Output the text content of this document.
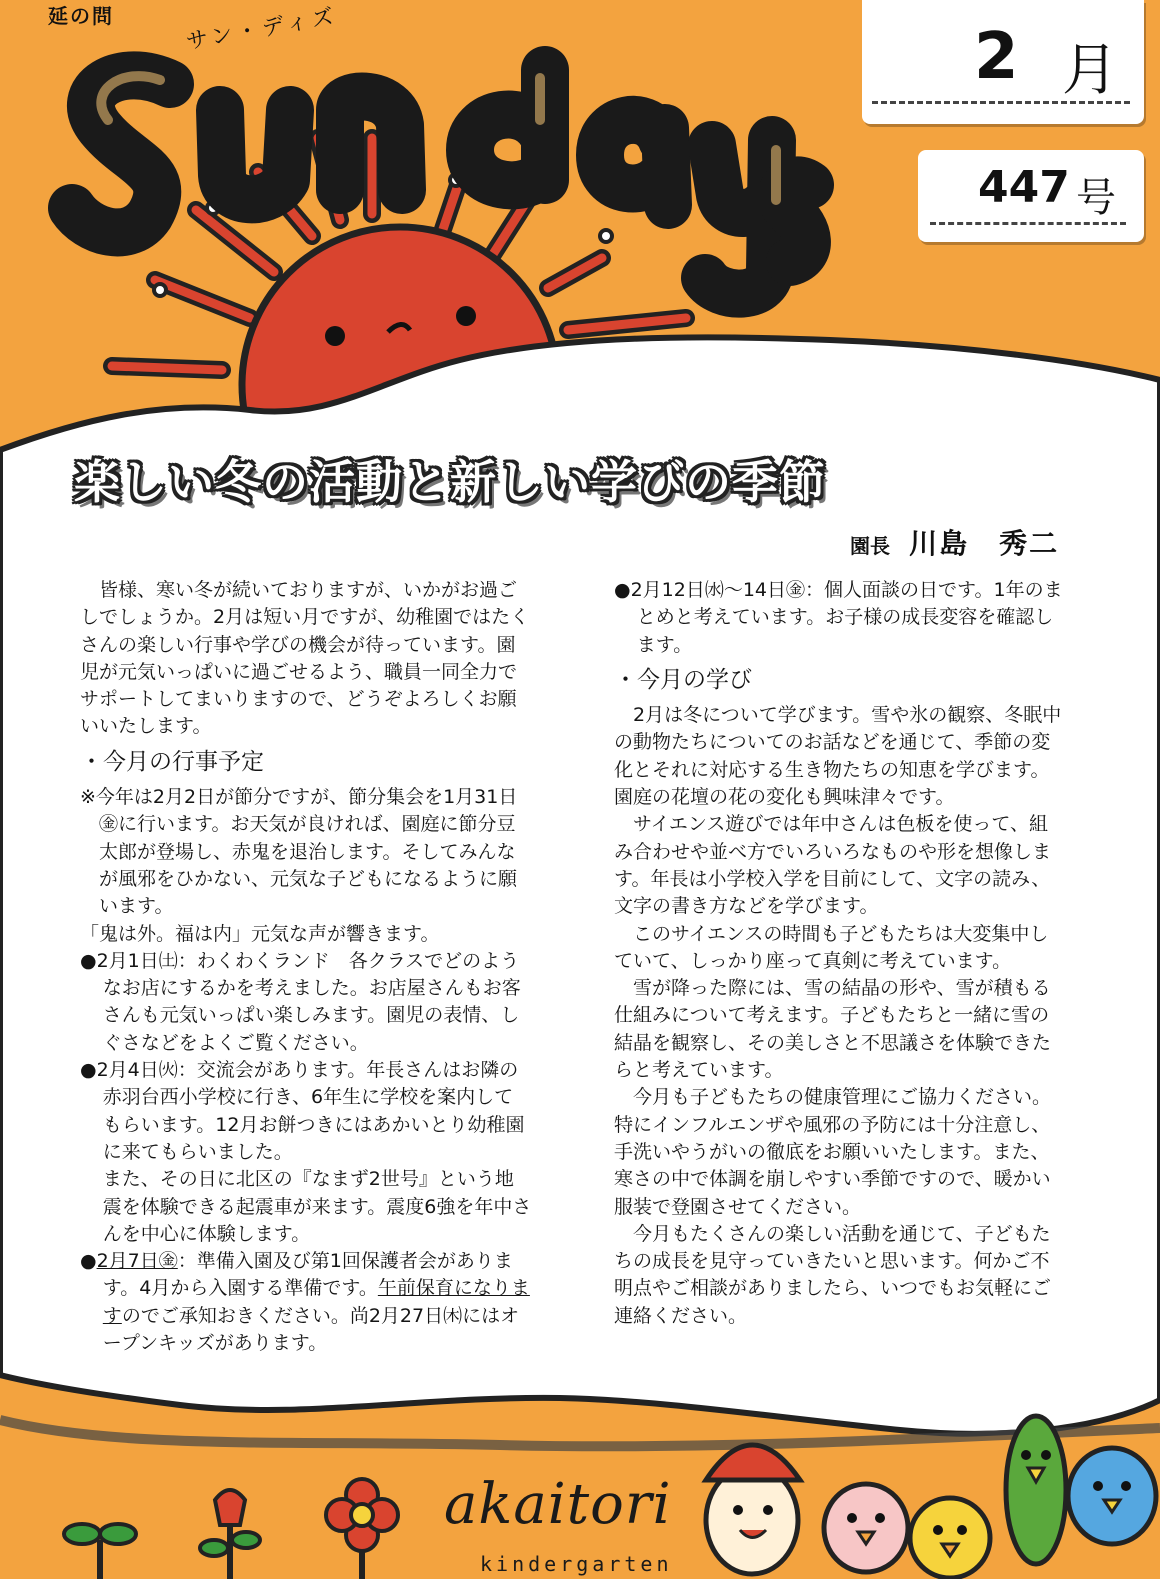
延の問	サン・ディズ	2 月
447 号
楽しい冬の活動と新しい学びの季節
園長 川島　秀二

皆様、寒い冬が続いておりますが、いかがお過ごしでしょうか。2月は短い月ですが、幼稚園ではたくさんの楽しい行事や学びの機会が待っています。園児が元気いっぱいに過ごせるよう、職員一同全力でサポートしてまいりますので、どうぞよろしくお願いいたします。

・今月の行事予定

※今年は2月2日が節分ですが、節分集会を1月31日㊎に行います。お天気が良ければ、園庭に節分豆太郎が登場し、赤鬼を退治します。そしてみんなが風邪をひかない、元気な子どもになるように願います。

「鬼は外。福は内」元気な声が響きます。

●2月1日㈯：わくわくランド　各クラスでどのようなお店にするかを考えました。お店屋さんもお客さんも元気いっぱい楽しみます。園児の表情、しぐさなどをよくご覧ください。

●2月4日㈫：交流会があります。年長さんはお隣の赤羽台西小学校に行き、6年生に学校を案内してもらいます。12月お餅つきにはあかいとり幼稚園に来てもらいました。

また、その日に北区の『なまず2世号』という地震を体験できる起震車が来ます。震度6強を年中さんを中心に体験します。

●2月7日㊎：準備入園及び第1回保護者会があります。4月から入園する準備です。午前保育になりますのでご承知おきください。尚2月27日㈭にはオープンキッズがあります。

●2月12日㈬～14日㊎：個人面談の日です。1年のまとめと考えています。お子様の成長変容を確認します。

・今月の学び

2月は冬について学びます。雪や氷の観察、冬眠中の動物たちについてのお話などを通じて、季節の変化とそれに対応する生き物たちの知恵を学びます。園庭の花壇の花の変化も興味津々です。

サイエンス遊びでは年中さんは色板を使って、組み合わせや並べ方でいろいろなものや形を想像します。年長は小学校入学を目前にして、文字の読み、文字の書き方などを学びます。

このサイエンスの時間も子どもたちは大変集中していて、しっかり座って真剣に考えています。

雪が降った際には、雪の結晶の形や、雪が積もる仕組みについて考えます。子どもたちと一緒に雪の結晶を観察し、その美しさと不思議さを体験できたらと考えています。

今月も子どもたちの健康管理にご協力ください。特にインフルエンザや風邪の予防には十分注意し、手洗いやうがいの徹底をお願いいたします。また、寒さの中で体調を崩しやすい季節ですので、暖かい服装で登園させてください。

今月もたくさんの楽しい活動を通じて、子どもたちの成長を見守っていきたいと思います。何かご不明点やご相談がありましたら、いつでもお気軽にご連絡ください。

akaitori
kindergarten
